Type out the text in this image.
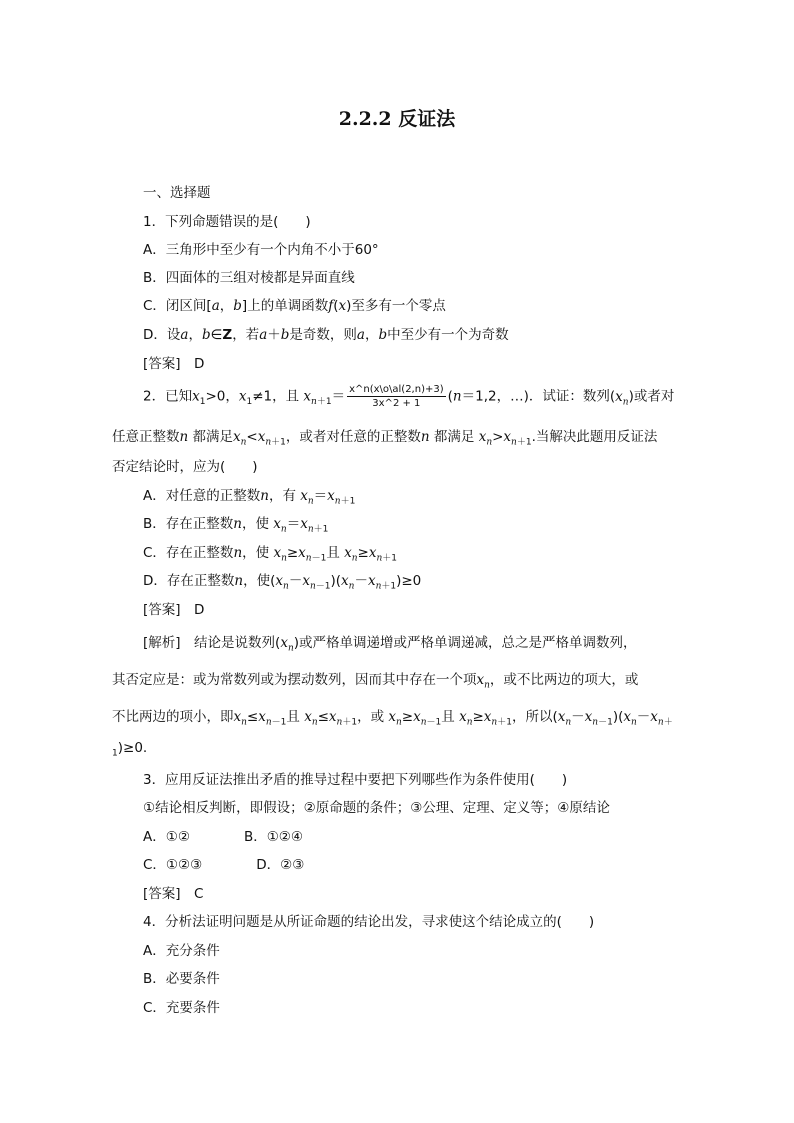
2.2.2 反证法
一、选择题
1．下列命题错误的是(　　)
A．三角形中至少有一个内角不小于60°
B．四面体的三组对棱都是异面直线
C．闭区间[a，b]上的单调函数f(x)至多有一个零点
D．设a，b∈Z，若a＋b是奇数，则a，b中至少有一个为奇数
[答案]　D
2．已知$x_1>0$，$x_1\ne 1$，且 $x_{n+1}= \frac{x\^{}n(x\backslash o\backslash al(2,n)+3)}{3x\^{}2 + 1} (n=1,2$，…)．试证：数列$(x_n)$或者对
任意正整数n 都满足$x_n<x_{n+1}$，或者对任意的正整数n 都满足 $x_n>x_{n+1}$.当解决此题用反证法
否定结论时，应为(　　)
A．对任意的正整数n，有 $x_n=x_{n+1}$
B．存在正整数n，使 $x_n=x_{n+1}$
C．存在正整数n，使 $x_n\ge x_{n-1}$且 $x_n\ge x_{n+1}$
D．存在正整数n，使$(x_n-x_{n-1})(x_n-x_{n+1})\ge 0$
[答案]　D
[解析]　结论是说数列$(x_n)$或严格单调递增或严格单调递减，总之是严格单调数列，
其否定应是：或为常数列或为摆动数列，因而其中存在一个项$x_n$，或不比两边的项大，或
不比两边的项小，即$x_n\le x_{n-1}$且 $x_n\le x_{n+1}$，或 $x_n\ge x_{n-1}$且 $x_n\ge x_{n+1}$，所以$(x_n-x_{n-1})(x_n-x_{n+}$
$_1$)≥0.
3．应用反证法推出矛盾的推导过程中要把下列哪些作为条件使用(　　)
①结论相反判断，即假设；②原命题的条件；③公理、定理、定义等；④原结论
A．①②　　　　B．①②④
C．①②③　　　　D．②③
[答案]　C
4．分析法证明问题是从所证命题的结论出发，寻求使这个结论成立的(　　)
A．充分条件
B．必要条件
C．充要条件
